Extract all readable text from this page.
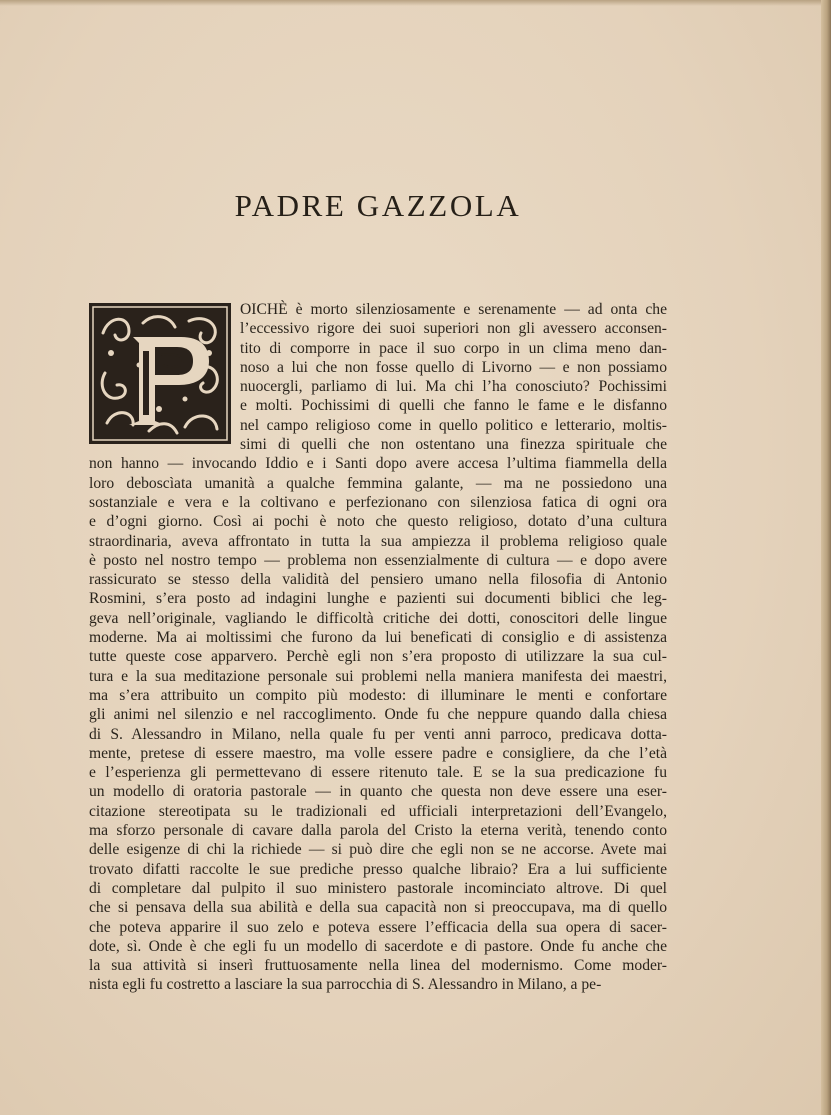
PADRE GAZZOLA
OICHÈ è morto silenziosamente e serenamente — ad onta che
l’eccessivo rigore dei suoi superiori non gli avessero acconsen-
tito di comporre in pace il suo corpo in un clima meno dan-
noso a lui che non fosse quello di Livorno — e non possiamo
nuocergli, parliamo di lui. Ma chi l’ha conosciuto? Pochissimi
e molti. Pochissimi di quelli che fanno le fame e le disfanno
nel campo religioso come in quello politico e letterario, moltis-
simi di quelli che non ostentano una finezza spirituale che
non hanno — invocando Iddio e i Santi dopo avere accesa l’ultima fiammella della
loro deboscìata umanità a qualche femmina galante, — ma ne possiedono una
sostanziale e vera e la coltivano e perfezionano con silenziosa fatica di ogni ora
e d’ogni giorno. Così ai pochi è noto che questo religioso, dotato d’una cultura
straordinaria, aveva affrontato in tutta la sua ampiezza il problema religioso quale
è posto nel nostro tempo — problema non essenzialmente di cultura — e dopo avere
rassicurato se stesso della validità del pensiero umano nella filosofia di Antonio
Rosmini, s’era posto ad indagini lunghe e pazienti sui documenti biblici che leg-
geva nell’originale, vagliando le difficoltà critiche dei dotti, conoscitori delle lingue
moderne. Ma ai moltissimi che furono da lui beneficati di consiglio e di assistenza
tutte queste cose apparvero. Perchè egli non s’era proposto di utilizzare la sua cul-
tura e la sua meditazione personale sui problemi nella maniera manifesta dei maestri,
ma s’era attribuito un compito più modesto: di illuminare le menti e confortare
gli animi nel silenzio e nel raccoglimento. Onde fu che neppure quando dalla chiesa
di S. Alessandro in Milano, nella quale fu per venti anni parroco, predicava dotta-
mente, pretese di essere maestro, ma volle essere padre e consigliere, da che l’età
e l’esperienza gli permettevano di essere ritenuto tale. E se la sua predicazione fu
un modello di oratoria pastorale — in quanto che questa non deve essere una eser-
citazione stereotipata su le tradizionali ed ufficiali interpretazioni dell’Evangelo,
ma sforzo personale di cavare dalla parola del Cristo la eterna verità, tenendo conto
delle esigenze di chi la richiede — si può dire che egli non se ne accorse. Avete mai
trovato difatti raccolte le sue prediche presso qualche libraio? Era a lui sufficiente
di completare dal pulpito il suo ministero pastorale incominciato altrove. Di quel
che si pensava della sua abilità e della sua capacità non si preoccupava, ma di quello
che poteva apparire il suo zelo e poteva essere l’efficacia della sua opera di sacer-
dote, sì. Onde è che egli fu un modello di sacerdote e di pastore. Onde fu anche che
la sua attività si inserì fruttuosamente nella linea del modernismo. Come moder-
nista egli fu costretto a lasciare la sua parrocchia di S. Alessandro in Milano, a pe-
